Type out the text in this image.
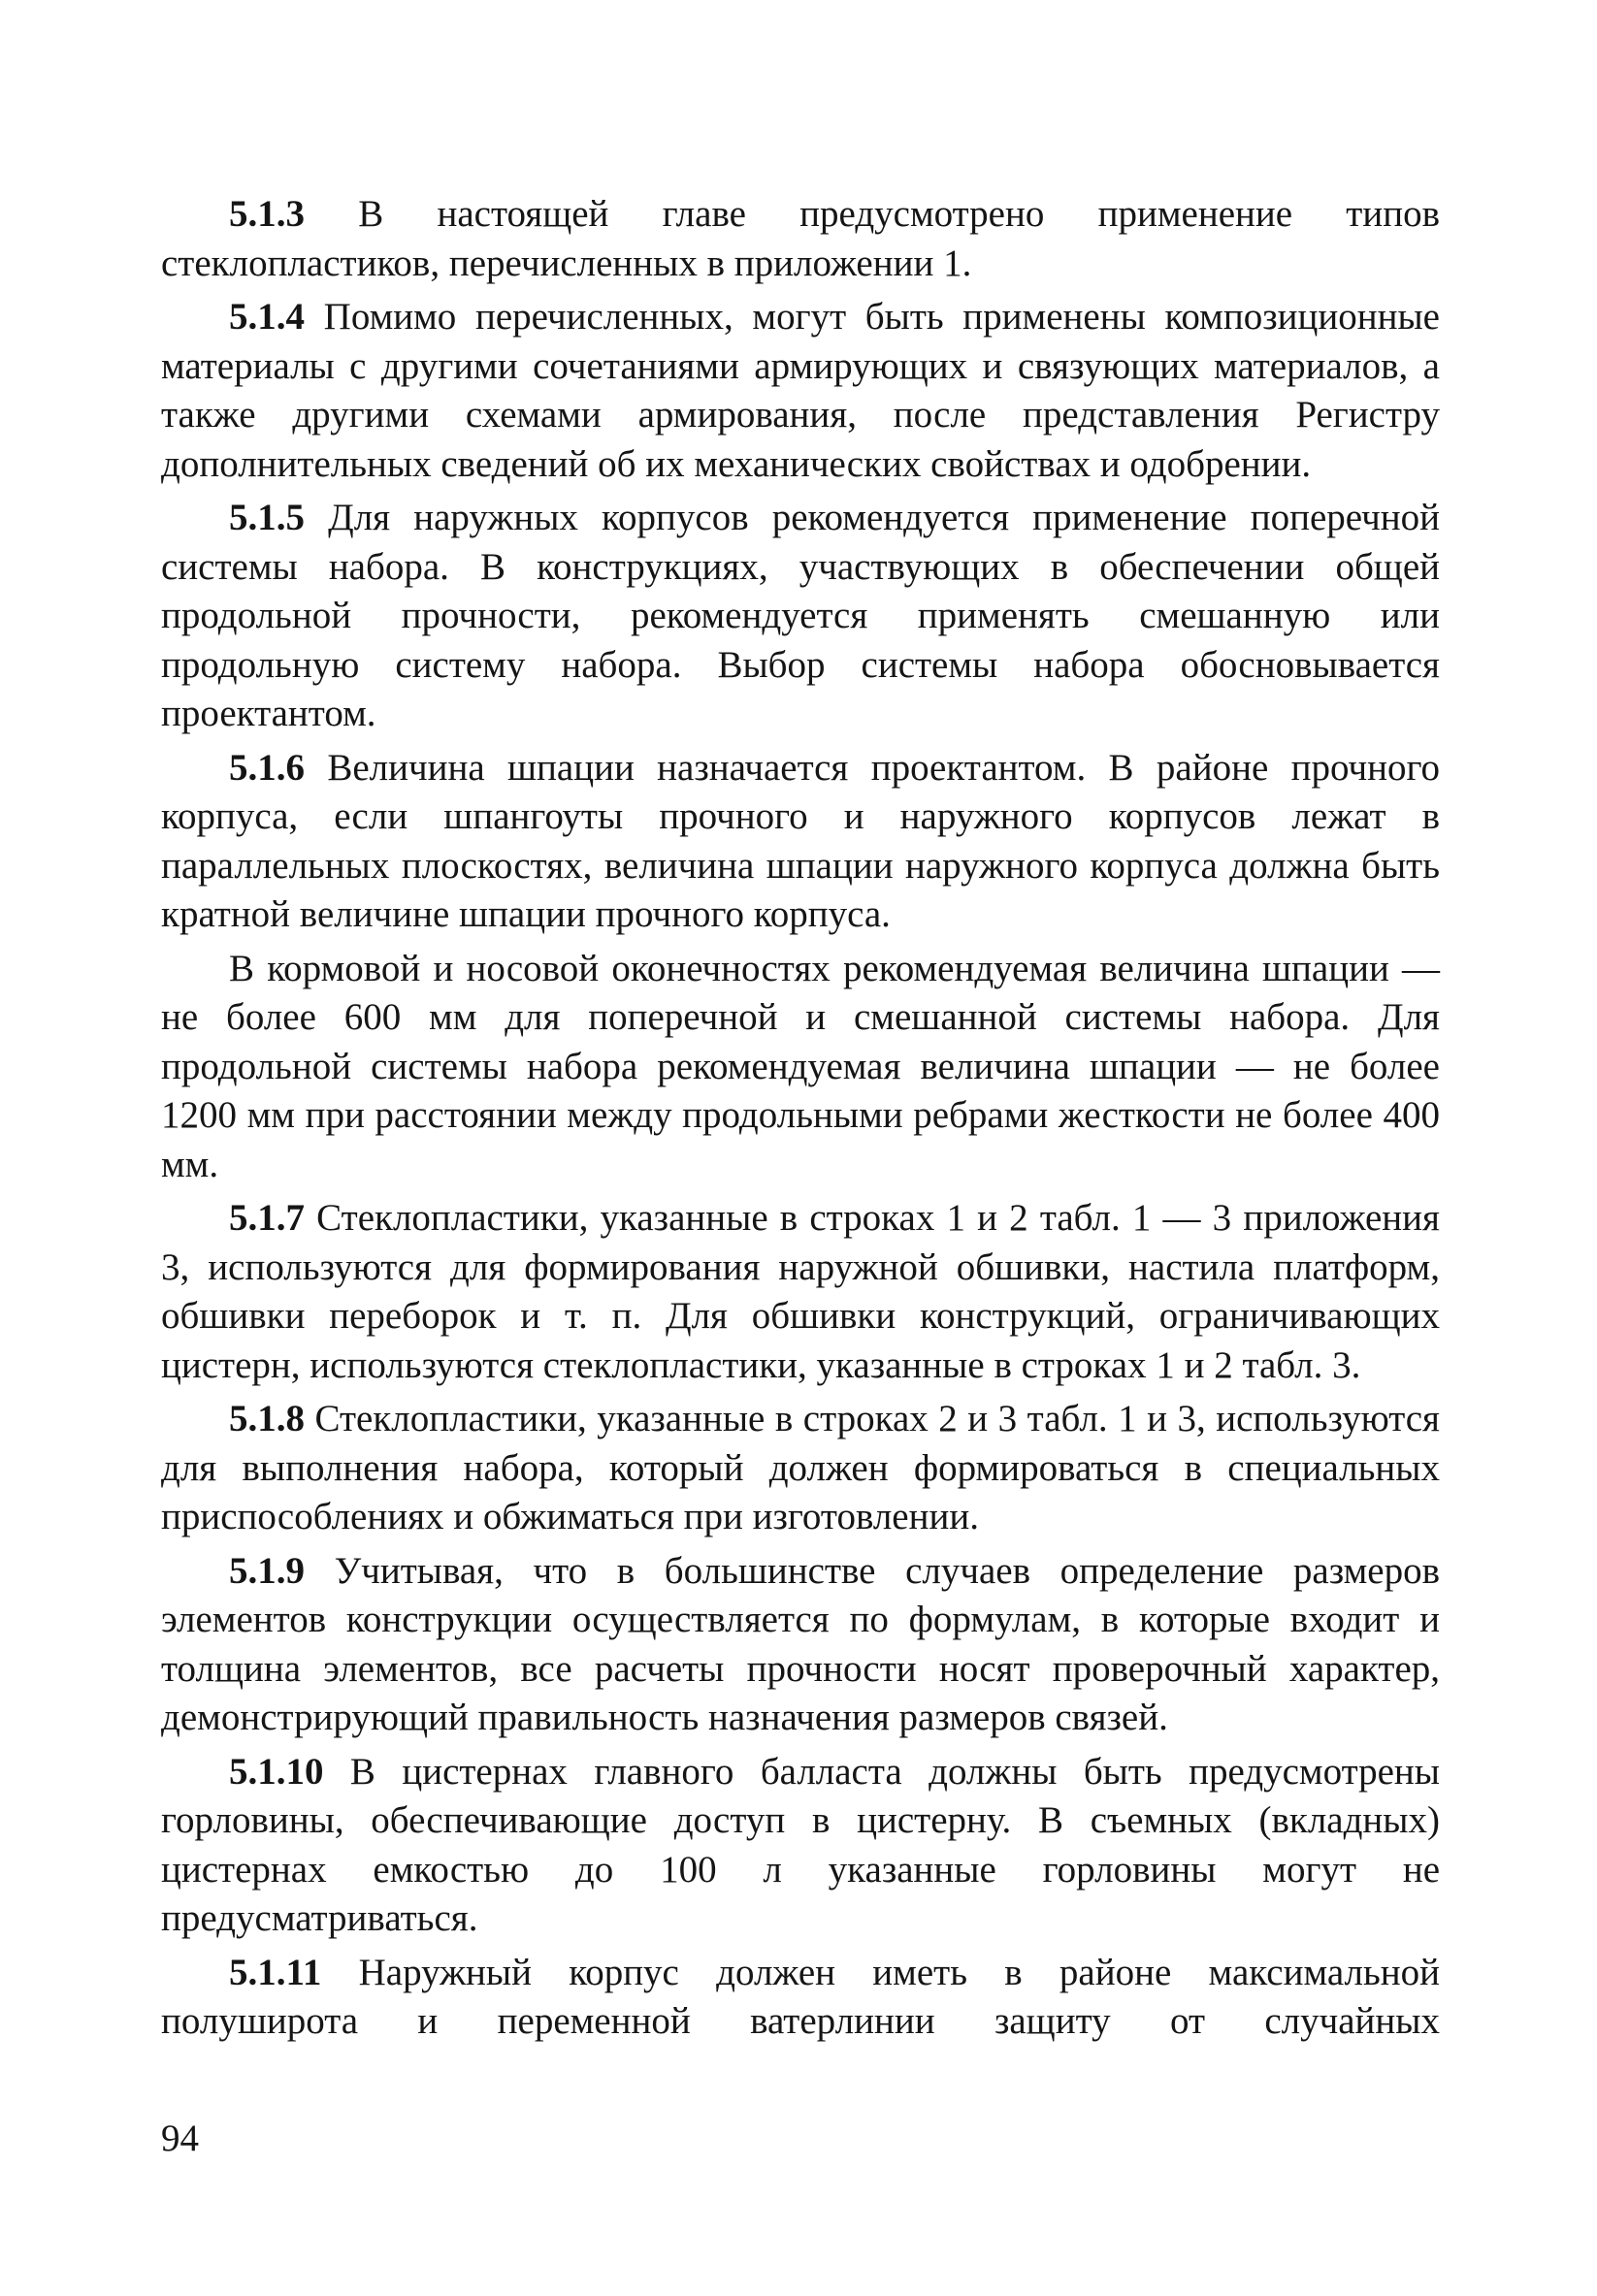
5.1.3 В настоящей главе предусмотрено применение типов стеклопластиков, перечисленных в приложении 1.

5.1.4 Помимо перечисленных, могут быть применены композиционные материалы с другими сочетаниями армирующих и связующих материалов, а также другими схемами армирования, после представления Регистру дополнительных сведений об их механических свойствах и одобрении.

5.1.5 Для наружных корпусов рекомендуется применение поперечной системы набора. В конструкциях, участвующих в обеспечении общей продольной прочности, рекомендуется применять смешанную или продольную систему набора. Выбор системы набора обосновывается проектантом.

5.1.6 Величина шпации назначается проектантом. В районе прочного корпуса, если шпангоуты прочного и наружного корпусов лежат в параллельных плоскостях, величина шпации наружного корпуса должна быть кратной величине шпации прочного корпуса.

В кормовой и носовой оконечностях рекомендуемая величина шпации — не более 600 мм для поперечной и смешанной системы набора. Для продольной системы набора рекомендуемая величина шпации — не более 1200 мм при расстоянии между продольными ребрами жесткости не более 400 мм.

5.1.7 Стеклопластики, указанные в строках 1 и 2 табл. 1 — 3 приложения 3, используются для формирования наружной обшивки, настила платформ, обшивки переборок и т. п. Для обшивки конструкций, ограничивающих цистерн, используются стеклопластики, указанные в строках 1 и 2 табл. 3.

5.1.8 Стеклопластики, указанные в строках 2 и 3 табл. 1 и 3, используются для выполнения набора, который должен формироваться в специальных приспособлениях и обжиматься при изготовлении.

5.1.9 Учитывая, что в большинстве случаев определение размеров элементов конструкции осуществляется по формулам, в которые входит и толщина элементов, все расчеты прочности носят проверочный характер, демонстрирующий правильность назначения размеров связей.

5.1.10 В цистернах главного балласта должны быть предусмотрены горловины, обеспечивающие доступ в цистерну. В съемных (вкладных) цистернах емкостью до 100 л указанные горловины могут не предусматриваться.

5.1.11 Наружный корпус должен иметь в районе максимальной полуширота и переменной ватерлинии защиту от случайных

94
